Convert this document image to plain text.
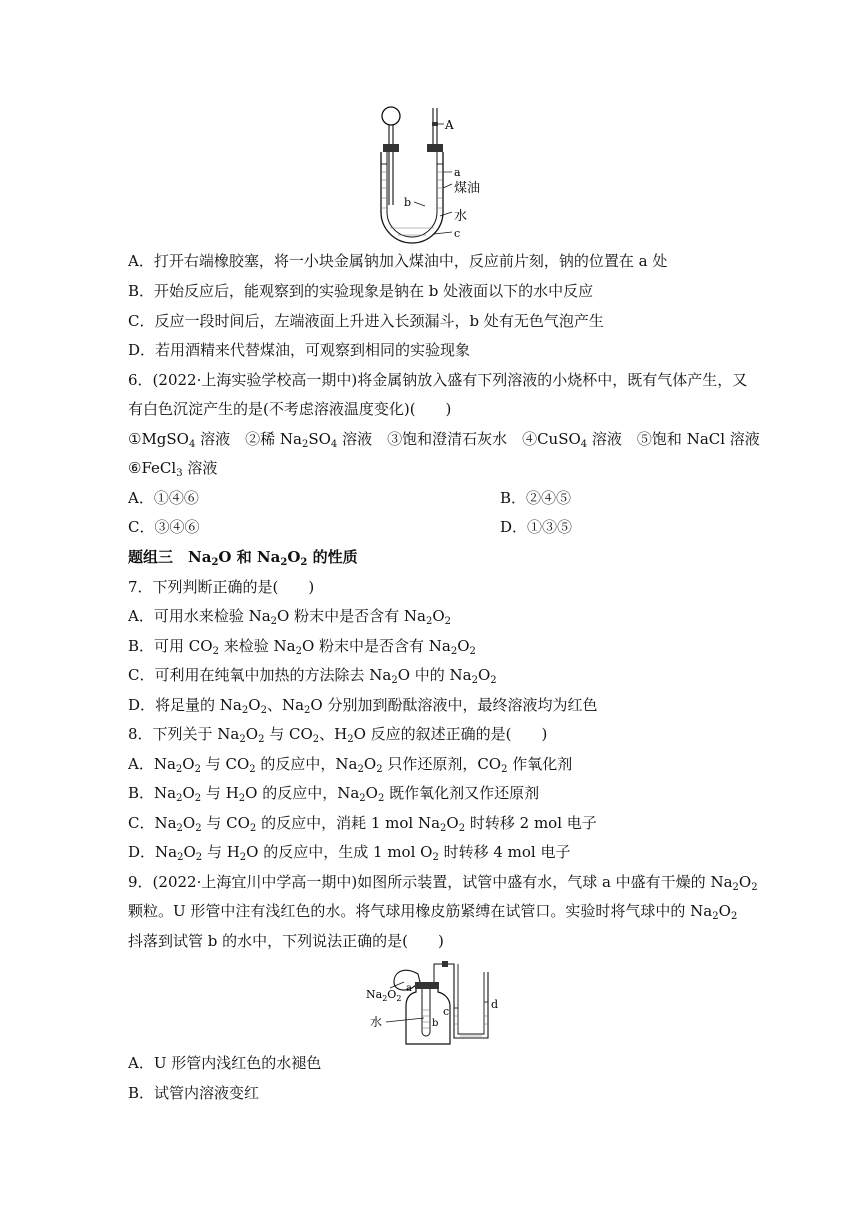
A
a
煤油
b
水
c
A．打开右端橡胶塞，将一小块金属钠加入煤油中，反应前片刻，钠的位置在 a 处
B．开始反应后，能观察到的实验现象是钠在 b 处液面以下的水中反应
C．反应一段时间后，左端液面上升进入长颈漏斗，b 处有无色气泡产生
D．若用酒精来代替煤油，可观察到相同的实验现象
6．(2022·上海实验学校高一期中)将金属钠放入盛有下列溶液的小烧杯中，既有气体产生，又
有白色沉淀产生的是(不考虑溶液温度变化)(　　)
①MgSO$_4$ 溶液　②稀 $Na_2SO_4$ 溶液　③饱和澄清石灰水　④CuSO$_4$ 溶液　⑤饱和 NaCl 溶液
⑥FeCl$_3$ 溶液
A．①④⑥	B．②④⑤
C．③④⑥	D．①③⑤
题组三　$Na_2O$ 和 $Na_2O_2$ 的性质
7．下列判断正确的是(　　)
A．可用水来检验 $Na_2O$ 粉末中是否含有 $Na_2O_2$
B．可用 $CO_2$ 来检验 $Na_2O$ 粉末中是否含有 $Na_2O_2$
C．可利用在纯氧中加热的方法除去 $Na_2O$ 中的 $Na_2O_2$
D．将足量的 $Na_2O_2$、$Na_2O$ 分别加到酚酞溶液中，最终溶液均为红色
8．下列关于 $Na_2O_2$ 与 $CO_2$、$H_2O$ 反应的叙述正确的是(　　)
A．$Na_2O_2$ 与 $CO_2$ 的反应中，$Na_2O_2$ 只作还原剂，$CO_2$ 作氧化剂
B．$Na_2O_2$ 与 $H_2O$ 的反应中，$Na_2O_2$ 既作氧化剂又作还原剂
C．$Na_2O_2$ 与 $CO_2$ 的反应中，消耗 1 mol $Na_2O_2$ 时转移 2 mol 电子
D．$Na_2O_2$ 与 $H_2O$ 的反应中，生成 1 mol $O_2$ 时转移 4 mol 电子
9．(2022·上海宜川中学高一期中)如图所示装置，试管中盛有水，气球 a 中盛有干燥的 $Na_2O_2$
颗粒。U 形管中注有浅红色的水。将气球用橡皮筋紧缚在试管口。实验时将气球中的 $Na_2O_2$
抖落到试管 b 的水中，下列说法正确的是(　　)
$Na_2O_2$
a
c
d
b
水
A．U 形管内浅红色的水褪色
B．试管内溶液变红
